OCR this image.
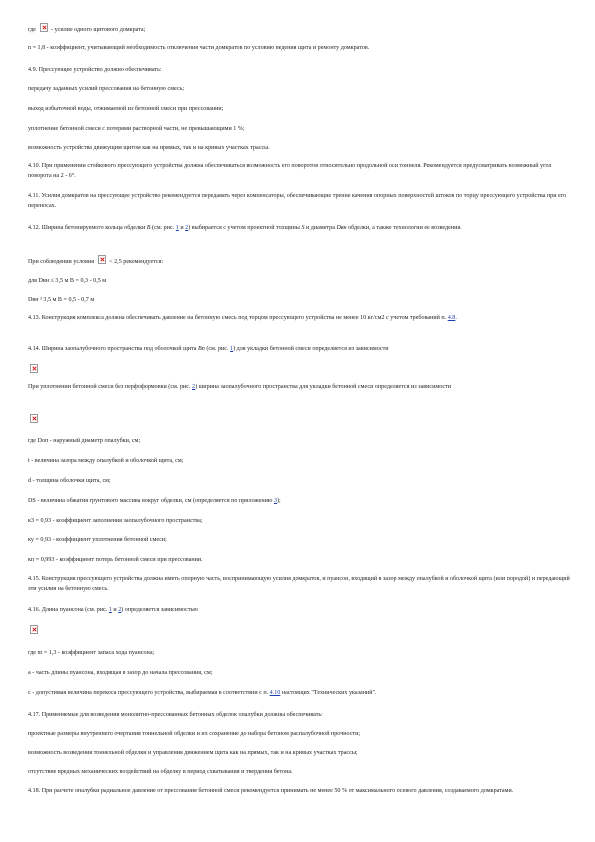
где - усилие одного щитового домкрата;
n = 1,8 - коэффициент, учитывающий необходимость отключения части домкратов по условию ведения щита и ремонту домкратов.
4.9. Прессующее устройство должно обеспечивать:
передачу заданных усилий прессования на бетонную смесь;
выход избыточной воды, отжимаемой из бетонной смеси при прессовании;
уплотнение бетонной смеси с потерями растворной части, не превышающими 1 %;
возможность устройства движущим щитом как на прямых, так и на кривых участках трассы.
4.10. При применении стойкового прессующего устройства должна обеспечиваться возможность его поворотов относительно продольной оси тоннеля. Рекомендуется предусматривать возможный угол поворота на 2 - 6°.
4.11. Усилия домкратов на прессующее устройство рекомендуется передавать через компенсаторы, обеспечивающие тренне качения опорных поверхностей штоков по торцу прессующего устройства при его переносах.
4.12. Ширина бетонируемого кольца обделки В (см. рис. 1 и 2) выбирается с учетом проектной толщины S и диаметра Dвн обделки, а также технологии ее возведения.
При соблюдении условия < 2,5 рекомендуется:
для Dвн ≤ 3,5 м B = 0,3 - 0,5 м
Dвн ³ 3,5 м B = 0,5 - 0,7 м
4.13. Конструкция комплекса должна обеспечивать давление на бетонную смесь под торцом прессующего устройства не менее 10 кг/см2 с учетом требований п. 4.8.
4.14. Ширина заопалубочного пространства под оболочкой щита Вп (см. рис. 1) для укладки бетонной смеси определяется из зависимости
При уплотнении бетонной смеси без перфоформовки (см. рис. 2) ширина заопалубочного пространства для укладки бетонной смеси определяется из зависимости
где Dоп - наружный диаметр опалубки, см;
t - величина зазора между опалубкой и оболочкой щита, см;
d - толщина оболочки щита, см;
DS - величина обжатия грунтового массива вокруг обделки, см (определяется по приложению 3);
к3 = 0,93 - коэффициент заполнения заопалубочного пространства;
ку = 0,93 - коэффициент уплотнения бетонной смеси;
кп = 0,993 - коэффициент потерь бетонной смеси при прессовании.
4.15. Конструкция прессующего устройства должна иметь опорную часть, воспринимающую усилия домкратов, и пуансон, входящий в зазор между опалубкой и оболочкой щита (или породой) и передающий эти усилия на бетонную смесь.
4.16. Длина пуансона (см. рис. 1 и 2) определяется зависимостью
где m = 1,3 - коэффициент запаса хода пуансона;
а - часть длины пуансона, входящая в зазор до начала прессования, см;
с - допустимая величина перекоса прессующего устройства, выбираемая в соответствии с п. 4.10 настоящих "Технических указаний".
4.17. Применяемые для возведения монолитно-прессованных бетонных обделок опалубки должны обеспечивать:
проектные размеры внутреннего очертания тоннельной обделки и их сохранение до набора бетоном распалубочной прочности;
возможность возведения тоннельной обделки и управления движением щита как на прямых, так и на кривых участках трассы;
отсутствие вредных механических воздействий на обделку в период схватывания и твердения бетона.
4.18. При расчете опалубки радиальное давление от прессования бетонной смеси рекомендуется принимать не менее 50 % от максимального осевого давления, создаваемого домкратами.
